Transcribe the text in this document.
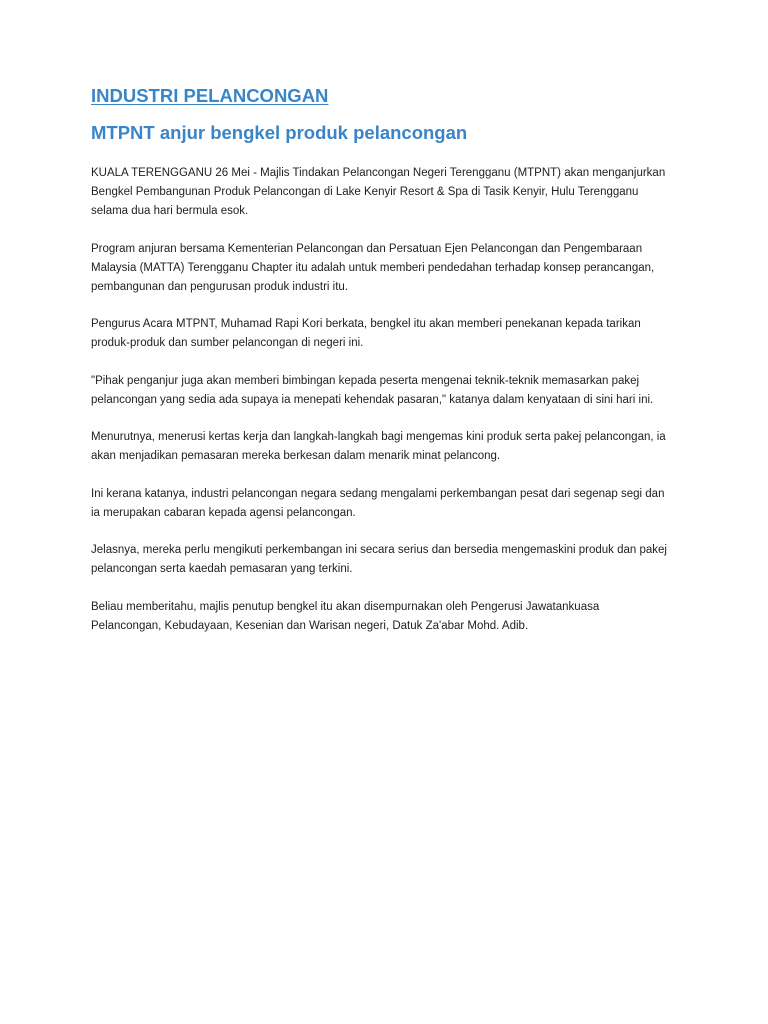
INDUSTRI PELANCONGAN
MTPNT anjur bengkel produk pelancongan

KUALA TERENGGANU 26 Mei - Majlis Tindakan Pelancongan Negeri Terengganu (MTPNT) akan menganjurkan
Bengkel Pembangunan Produk Pelancongan di Lake Kenyir Resort & Spa di Tasik Kenyir, Hulu Terengganu
selama dua hari bermula esok.

Program anjuran bersama Kementerian Pelancongan dan Persatuan Ejen Pelancongan dan Pengembaraan
Malaysia (MATTA) Terengganu Chapter itu adalah untuk memberi pendedahan terhadap konsep perancangan,
pembangunan dan pengurusan produk industri itu.

Pengurus Acara MTPNT, Muhamad Rapi Kori berkata, bengkel itu akan memberi penekanan kepada tarikan
produk-produk dan sumber pelancongan di negeri ini.

"Pihak penganjur juga akan memberi bimbingan kepada peserta mengenai teknik-teknik memasarkan pakej
pelancongan yang sedia ada supaya ia menepati kehendak pasaran," katanya dalam kenyataan di sini hari ini.

Menurutnya, menerusi kertas kerja dan langkah-langkah bagi mengemas kini produk serta pakej pelancongan, ia
akan menjadikan pemasaran mereka berkesan dalam menarik minat pelancong.

Ini kerana katanya, industri pelancongan negara sedang mengalami perkembangan pesat dari segenap segi dan
ia merupakan cabaran kepada agensi pelancongan.

Jelasnya, mereka perlu mengikuti perkembangan ini secara serius dan bersedia mengemaskini produk dan pakej
pelancongan serta kaedah pemasaran yang terkini.

Beliau memberitahu, majlis penutup bengkel itu akan disempurnakan oleh Pengerusi Jawatankuasa
Pelancongan, Kebudayaan, Kesenian dan Warisan negeri, Datuk Za'abar Mohd. Adib.
